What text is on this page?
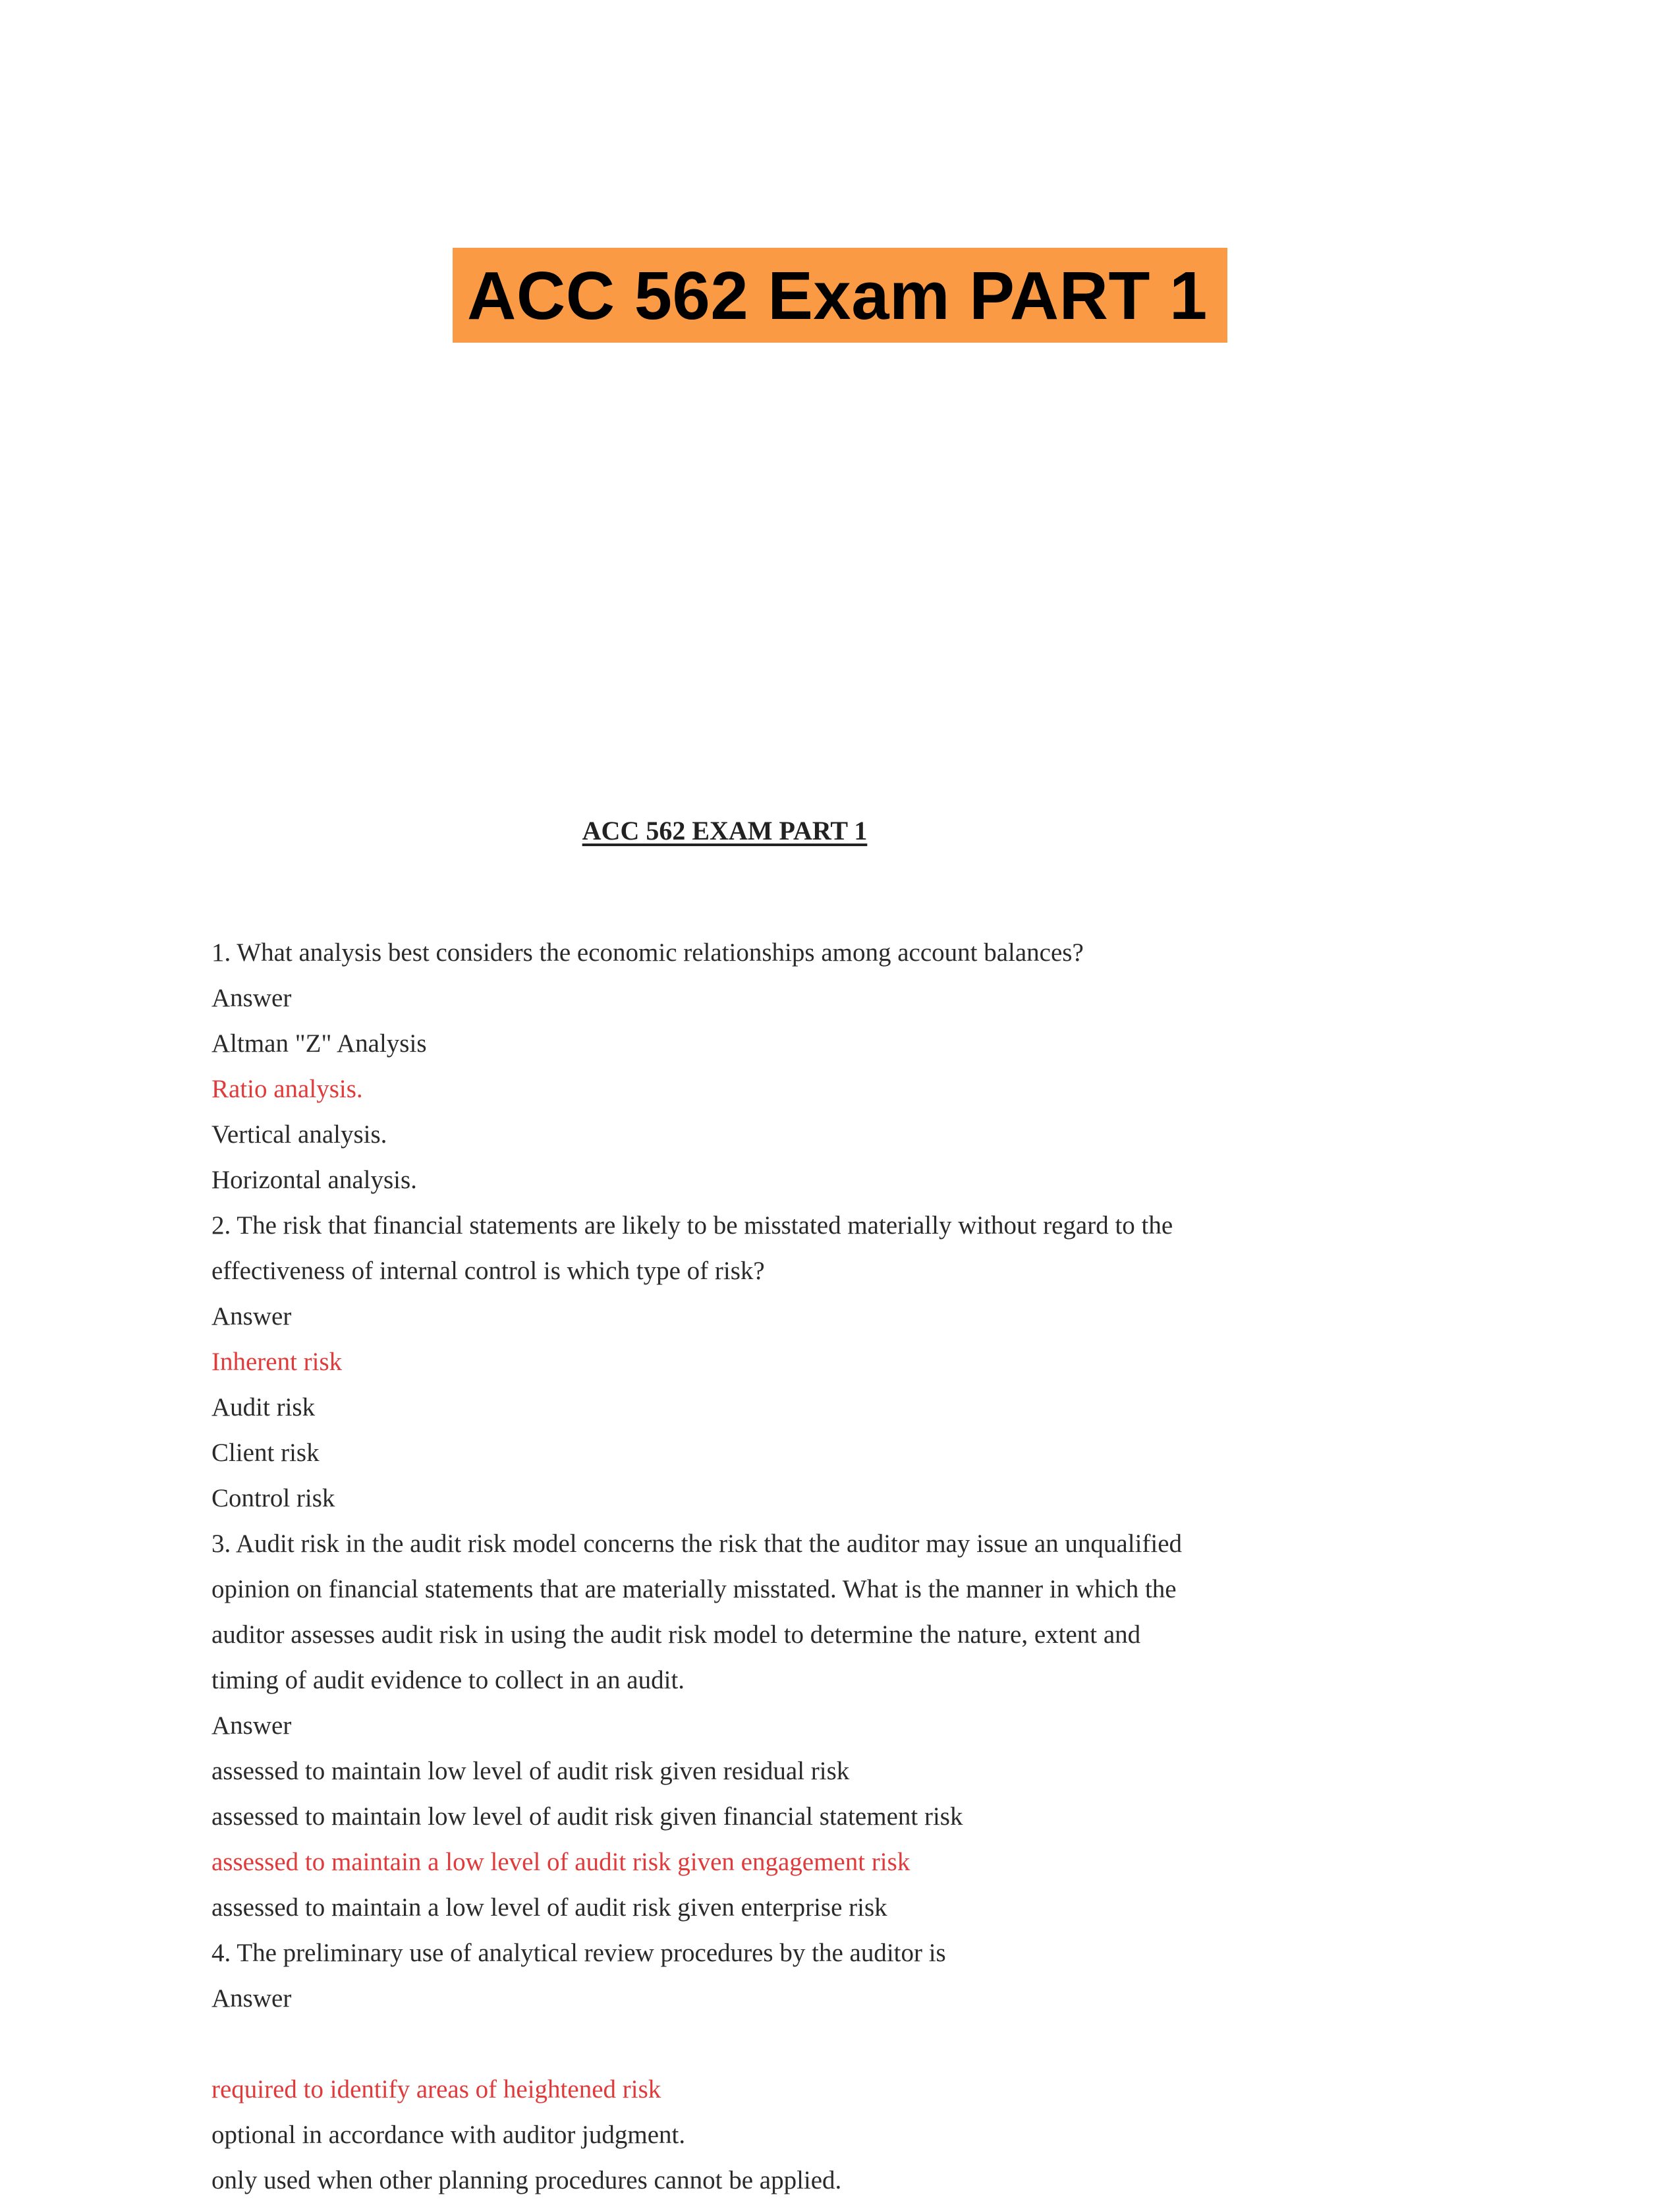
ACC 562 Exam PART 1
ACC 562 EXAM PART 1
1. What analysis best considers the economic relationships among account balances?
Answer
Altman "Z" Analysis
Ratio analysis.
Vertical analysis.
Horizontal analysis.
2. The risk that financial statements are likely to be misstated materially without regard to the
effectiveness of internal control is which type of risk?
Answer
Inherent risk
Audit risk
Client risk
Control risk
3. Audit risk in the audit risk model concerns the risk that the auditor may issue an unqualified
opinion on financial statements that are materially misstated. What is the manner in which the
auditor assesses audit risk in using the audit risk model to determine the nature, extent and
timing of audit evidence to collect in an audit.
Answer
assessed to maintain low level of audit risk given residual risk
assessed to maintain low level of audit risk given financial statement risk
assessed to maintain a low level of audit risk given engagement risk
assessed to maintain a low level of audit risk given enterprise risk
4. The preliminary use of analytical review procedures by the auditor is
Answer
required to identify areas of heightened risk
optional in accordance with auditor judgment.
only used when other planning procedures cannot be applied.
